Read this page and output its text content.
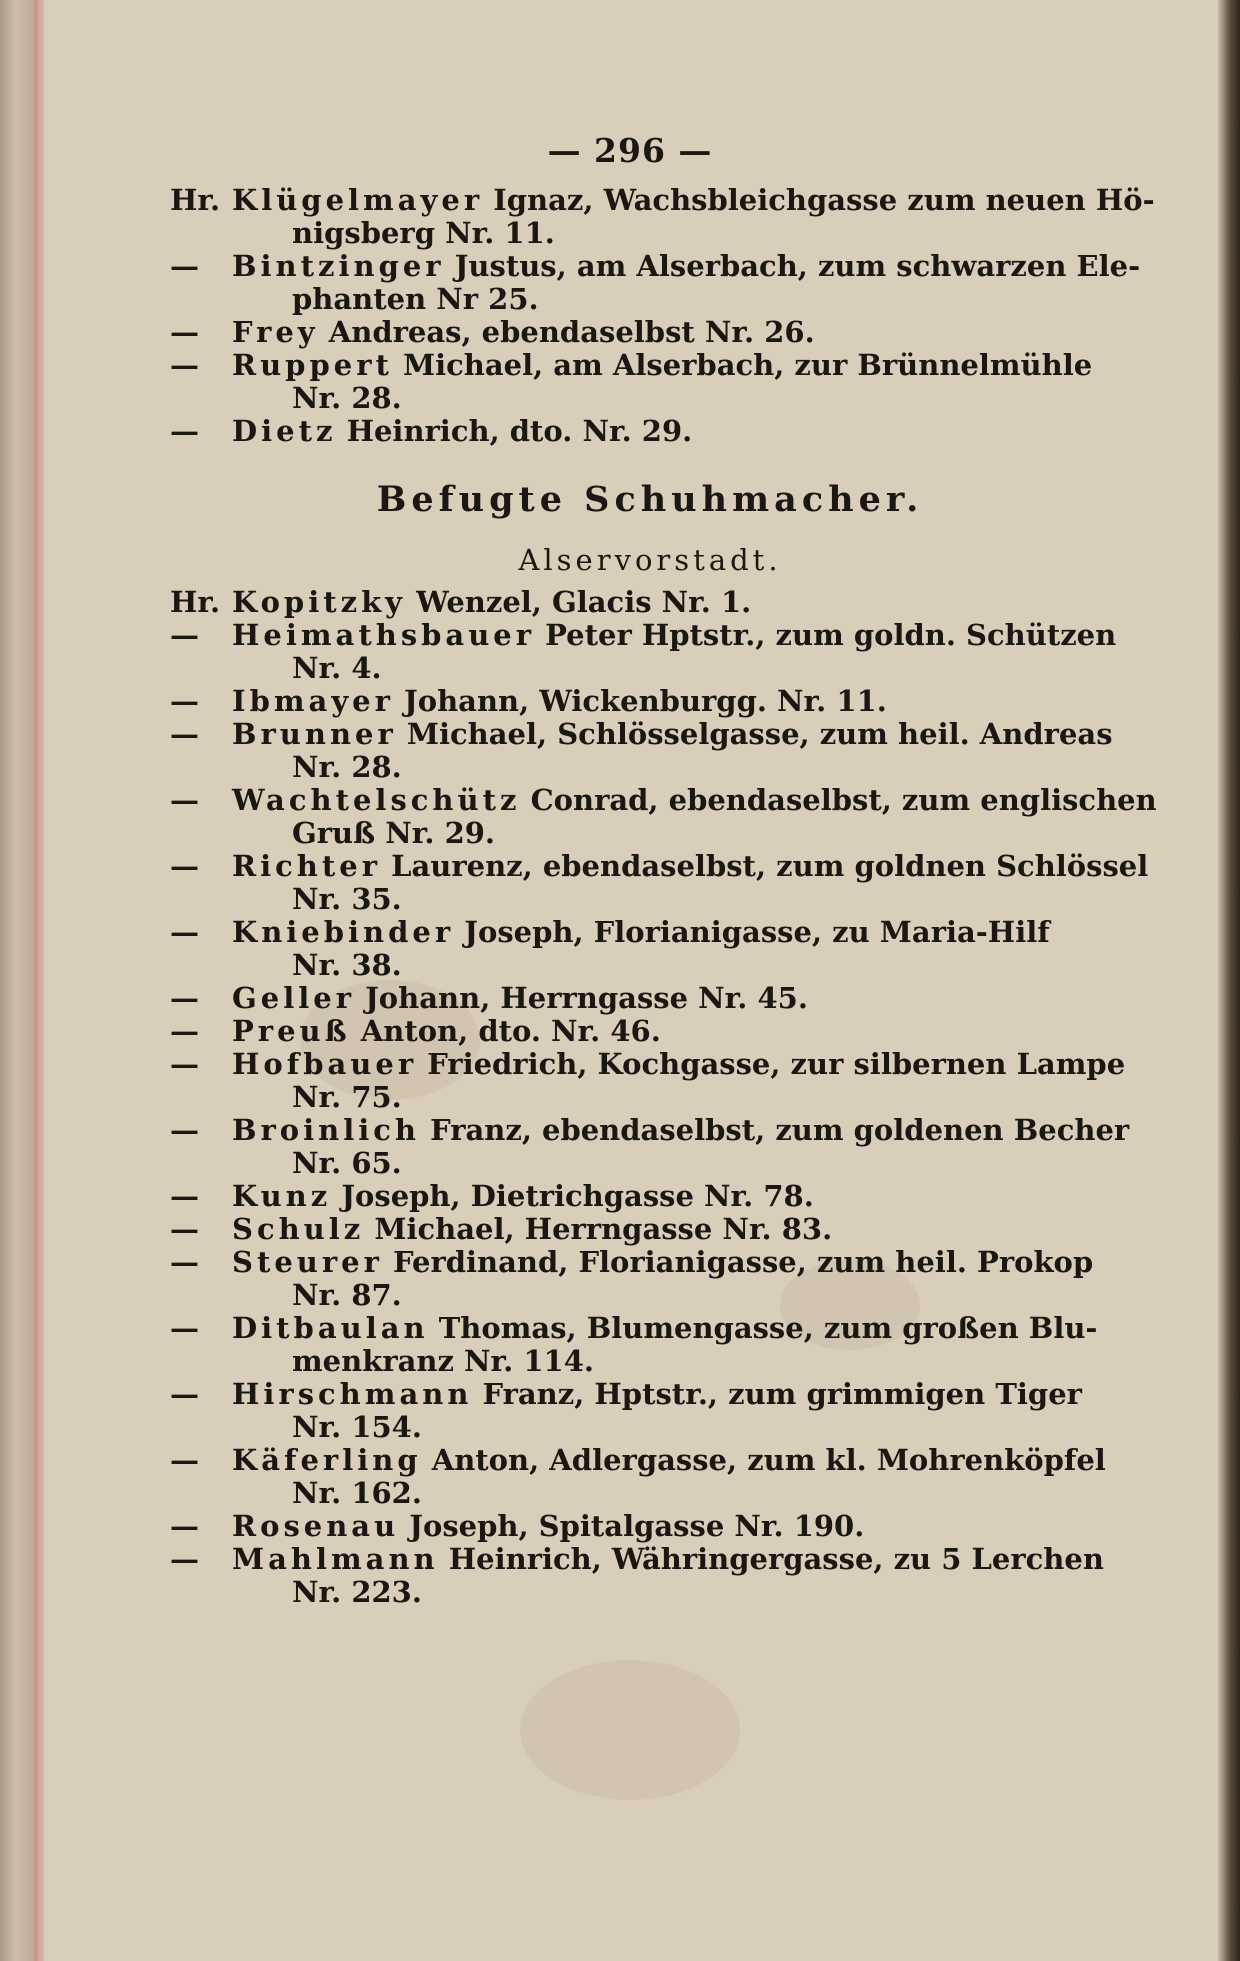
— 296 —
Hr. Klügelmayer Ignaz, Wachsbleichgasse zum neuen Hö-
nigsberg Nr. 11.
—	Bintzinger Justus, am Alserbach, zum schwarzen Ele-
phanten Nr 25.
—	Frey Andreas, ebendaselbst Nr. 26.
—	Ruppert Michael, am Alserbach, zur Brünnelmühle
Nr. 28.
—	Dietz Heinrich, dto. Nr. 29.
Befugte Schuhmacher.
Alservorstadt.
Hr. Kopitzky Wenzel, Glacis Nr. 1.
—	Heimathsbauer Peter Hptstr., zum goldn. Schützen
Nr. 4.
—	Ibmayer Johann, Wickenburgg. Nr. 11.
—	Brunner Michael, Schlösselgasse, zum heil. Andreas
Nr. 28.
—	Wachtelschütz Conrad, ebendaselbst, zum englischen
Gruß Nr. 29.
—	Richter Laurenz, ebendaselbst, zum goldnen Schlössel
Nr. 35.
—	Kniebinder Joseph, Florianigasse, zu Maria-Hilf
Nr. 38.
—	Geller Johann, Herrngasse Nr. 45.
—	Preuß Anton, dto. Nr. 46.
—	Hofbauer Friedrich, Kochgasse, zur silbernen Lampe
Nr. 75.
—	Broinlich Franz, ebendaselbst, zum goldenen Becher
Nr. 65.
—	Kunz Joseph, Dietrichgasse Nr. 78.
—	Schulz Michael, Herrngasse Nr. 83.
—	Steurer Ferdinand, Florianigasse, zum heil. Prokop
Nr. 87.
—	Ditbaulan Thomas, Blumengasse, zum großen Blu-
menkranz Nr. 114.
—	Hirschmann Franz, Hptstr., zum grimmigen Tiger
Nr. 154.
—	Käferling Anton, Adlergasse, zum kl. Mohrenköpfel
Nr. 162.
—	Rosenau Joseph, Spitalgasse Nr. 190.
—	Mahlmann Heinrich, Währingergasse, zu 5 Lerchen
Nr. 223.
